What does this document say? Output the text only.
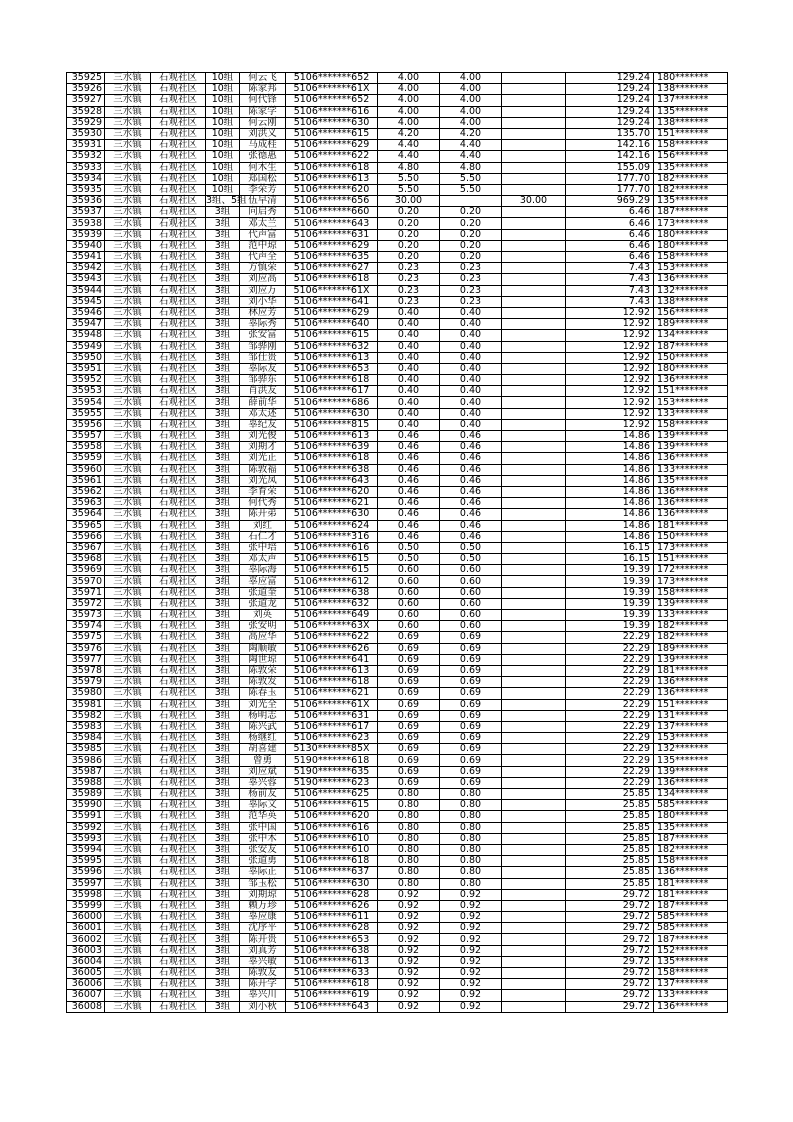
35925	三水镇	石观社区	10组	何云飞	5106*******652	4.00	4.00		129.24	180*******
35926	三水镇	石观社区	10组	陈家邦	5106*******61X	4.00	4.00		129.24	138*******
35927	三水镇	石观社区	10组	何代锋	5106*******652	4.00	4.00		129.24	137*******
35928	三水镇	石观社区	10组	陈家学	5106*******616	4.00	4.00		129.24	135*******
35929	三水镇	石观社区	10组	何云刚	5106*******630	4.00	4.00		129.24	138*******
35930	三水镇	石观社区	10组	刘洪义	5106*******615	4.20	4.20		135.70	151*******
35931	三水镇	石观社区	10组	马成桂	5106*******629	4.40	4.40		142.16	158*******
35932	三水镇	石观社区	10组	张德惠	5106*******622	4.40	4.40		142.16	156*******
35933	三水镇	石观社区	10组	何木生	5106*******618	4.80	4.80		155.09	135*******
35934	三水镇	石观社区	10组	郑国松	5106*******613	5.50	5.50		177.70	182*******
35935	三水镇	石观社区	10组	李荣芳	5106*******620	5.50	5.50		177.70	182*******
35936	三水镇	石观社区	3组、5组	伍早清	5106*******656	30.00		30.00	969.29	135*******
35937	三水镇	石观社区	3组	向启秀	5106*******660	0.20	0.20		6.46	187*******
35938	三水镇	石观社区	3组	邓太兰	5106*******643	0.20	0.20		6.46	173*******
35939	三水镇	石观社区	3组	代声富	5106*******631	0.20	0.20		6.46	180*******
35940	三水镇	石观社区	3组	范中琼	5106*******629	0.20	0.20		6.46	180*******
35941	三水镇	石观社区	3组	代声全	5106*******635	0.20	0.20		6.46	158*******
35942	三水镇	石观社区	3组	方慎荣	5106*******627	0.23	0.23		7.43	153*******
35943	三水镇	石观社区	3组	刘应高	5106*******618	0.23	0.23		7.43	136*******
35944	三水镇	石观社区	3组	刘应万	5106*******61X	0.23	0.23		7.43	132*******
35945	三水镇	石观社区	3组	刘小华	5106*******641	0.23	0.23		7.43	138*******
35946	三水镇	石观社区	3组	林应芳	5106*******629	0.40	0.40		12.92	156*******
35947	三水镇	石观社区	3组	辜际秀	5106*******640	0.40	0.40		12.92	189*******
35948	三水镇	石观社区	3组	张安富	5106*******615	0.40	0.40		12.92	134*******
35949	三水镇	石观社区	3组	邹骅刚	5106*******632	0.40	0.40		12.92	187*******
35950	三水镇	石观社区	3组	邹仕贵	5106*******613	0.40	0.40		12.92	150*******
35951	三水镇	石观社区	3组	辜际友	5106*******653	0.40	0.40		12.92	180*******
35952	三水镇	石观社区	3组	邹骅东	5106*******618	0.40	0.40		12.92	136*******
35953	三水镇	石观社区	3组	肖洪友	5106*******617	0.40	0.40		12.92	151*******
35954	三水镇	石观社区	3组	薛前华	5106*******686	0.40	0.40		12.92	153*******
35955	三水镇	石观社区	3组	邓太述	5106*******630	0.40	0.40		12.92	133*******
35956	三水镇	石观社区	3组	辜纪友	5106*******815	0.40	0.40		12.92	158*******
35957	三水镇	石观社区	3组	刘光俊	5106*******613	0.46	0.46		14.86	139*******
35958	三水镇	石观社区	3组	刘期才	5106*******639	0.46	0.46		14.86	139*******
35959	三水镇	石观社区	3组	刘光正	5106*******618	0.46	0.46		14.86	136*******
35960	三水镇	石观社区	3组	陈敦福	5106*******638	0.46	0.46		14.86	133*******
35961	三水镇	石观社区	3组	刘光凤	5106*******643	0.46	0.46		14.86	135*******
35962	三水镇	石观社区	3组	李育荣	5106*******620	0.46	0.46		14.86	136*******
35963	三水镇	石观社区	3组	何代秀	5106*******621	0.46	0.46		14.86	136*******
35964	三水镇	石观社区	3组	陈开弟	5106*******630	0.46	0.46		14.86	136*******
35965	三水镇	石观社区	3组	刘红	5106*******624	0.46	0.46		14.86	181*******
35966	三水镇	石观社区	3组	石仁才	5106*******316	0.46	0.46		14.86	150*******
35967	三水镇	石观社区	3组	张中培	5106*******616	0.50	0.50		16.15	173*******
35968	三水镇	石观社区	3组	邓太声	5106*******615	0.50	0.50		16.15	151*******
35969	三水镇	石观社区	3组	辜际海	5106*******615	0.60	0.60		19.39	172*******
35970	三水镇	石观社区	3组	辜应富	5106*******612	0.60	0.60		19.39	173*******
35971	三水镇	石观社区	3组	张道奎	5106*******638	0.60	0.60		19.39	158*******
35972	三水镇	石观社区	3组	张道龙	5106*******632	0.60	0.60		19.39	139*******
35973	三水镇	石观社区	3组	刘英	5106*******649	0.60	0.60		19.39	133*******
35974	三水镇	石观社区	3组	张安明	5106*******63X	0.60	0.60		19.39	182*******
35975	三水镇	石观社区	3组	高应华	5106*******622	0.69	0.69		22.29	182*******
35976	三水镇	石观社区	3组	陶顺敏	5106*******626	0.69	0.69		22.29	189*******
35977	三水镇	石观社区	3组	陶世琼	5106*******641	0.69	0.69		22.29	139*******
35978	三水镇	石观社区	3组	陈敦荣	5106*******613	0.69	0.69		22.29	181*******
35979	三水镇	石观社区	3组	陈敦发	5106*******618	0.69	0.69		22.29	136*******
35980	三水镇	石观社区	3组	陈春玉	5106*******621	0.69	0.69		22.29	136*******
35981	三水镇	石观社区	3组	刘光全	5106*******61X	0.69	0.69		22.29	151*******
35982	三水镇	石观社区	3组	杨明志	5106*******631	0.69	0.69		22.29	131*******
35983	三水镇	石观社区	3组	陈兴武	5106*******617	0.69	0.69		22.29	137*******
35984	三水镇	石观社区	3组	杨继红	5106*******623	0.69	0.69		22.29	153*******
35985	三水镇	石观社区	3组	胡喜建	5130*******85X	0.69	0.69		22.29	132*******
35986	三水镇	石观社区	3组	曾勇	5190*******618	0.69	0.69		22.29	135*******
35987	三水镇	石观社区	3组	刘应斌	5190*******635	0.69	0.69		22.29	139*******
35988	三水镇	石观社区	3组	辜兴蓉	5190*******623	0.69	0.69		22.29	136*******
35989	三水镇	石观社区	3组	杨前友	5106*******625	0.80	0.80		25.85	134*******
35990	三水镇	石观社区	3组	辜际文	5106*******615	0.80	0.80		25.85	585*******
35991	三水镇	石观社区	3组	范华英	5106*******620	0.80	0.80		25.85	180*******
35992	三水镇	石观社区	3组	张中国	5106*******616	0.80	0.80		25.85	135*******
35993	三水镇	石观社区	3组	张中木	5106*******610	0.80	0.80		25.85	187*******
35994	三水镇	石观社区	3组	张安友	5106*******610	0.80	0.80		25.85	182*******
35995	三水镇	石观社区	3组	张道勇	5106*******618	0.80	0.80		25.85	158*******
35996	三水镇	石观社区	3组	辜际正	5106*******637	0.80	0.80		25.85	136*******
35997	三水镇	石观社区	3组	邹玉松	5106*******630	0.80	0.80		25.85	181*******
35998	三水镇	石观社区	3组	刘期琼	5106*******628	0.92	0.92		29.72	181*******
35999	三水镇	石观社区	3组	赖万珍	5106*******626	0.92	0.92		29.72	187*******
36000	三水镇	石观社区	3组	辜应康	5106*******611	0.92	0.92		29.72	585*******
36001	三水镇	石观社区	3组	沈序平	5106*******628	0.92	0.92		29.72	585*******
36002	三水镇	石观社区	3组	陈开贵	5106*******653	0.92	0.92		29.72	187*******
36003	三水镇	石观社区	3组	刘真芳	5106*******638	0.92	0.92		29.72	152*******
36004	三水镇	石观社区	3组	辜兴敏	5106*******613	0.92	0.92		29.72	135*******
36005	三水镇	石观社区	3组	陈敦友	5106*******633	0.92	0.92		29.72	158*******
36006	三水镇	石观社区	3组	陈开学	5106*******618	0.92	0.92		29.72	137*******
36007	三水镇	石观社区	3组	辜兴川	5106*******619	0.92	0.92		29.72	133*******
36008	三水镇	石观社区	3组	刘小秋	5106*******643	0.92	0.92		29.72	136*******
